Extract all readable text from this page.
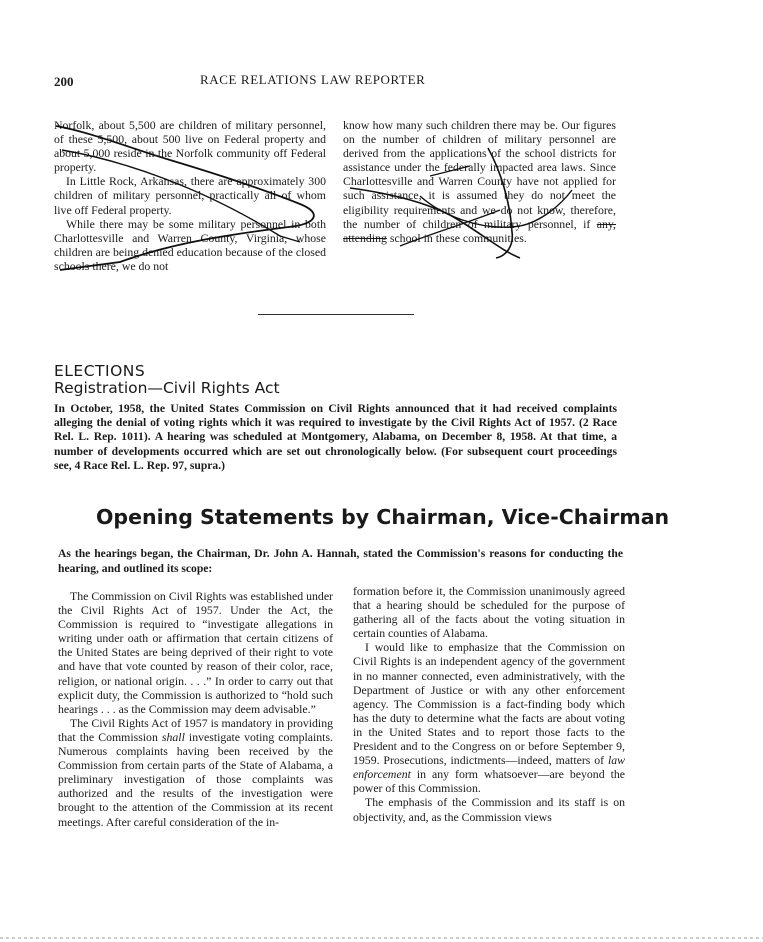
200	RACE RELATIONS LAW REPORTER

Norfolk, about 5,500 are children of military personnel, of these 5,500, about 500 live on Federal property and about 5,000 reside in the Norfolk community off Federal property.

In Little Rock, Arkansas, there are approximately 300 children of military personnel, practically all of whom live off Federal property.

While there may be some military personnel in both Charlottesville and Warren County, Virginia, whose children are being denied education because of the closed schools there, we do not

know how many such children there may be. Our figures on the number of children of military personnel are derived from the applications of the school districts for assistance under the federally impacted area laws. Since Charlottesville and Warren County have not applied for such assistance, it is assumed they do not meet the eligibility requirements and we do not know, therefore, the number of children of military personnel, if any, attending school in these communities.

ELECTIONS
Registration—Civil Rights Act
In October, 1958, the United States Commission on Civil Rights announced that it had received complaints alleging the denial of voting rights which it was required to investigate by the Civil Rights Act of 1957. (2 Race Rel. L. Rep. 1011). A hearing was scheduled at Montgomery, Alabama, on December 8, 1958. At that time, a number of developments occurred which are set out chronologically below. (For subsequent court proceedings see, 4 Race Rel. L. Rep. 97, supra.)
Opening Statements by Chairman, Vice-Chairman
As the hearings began, the Chairman, Dr. John A. Hannah, stated the Commission's reasons for conducting the hearing, and outlined its scope:

The Commission on Civil Rights was established under the Civil Rights Act of 1957. Under the Act, the Commission is required to “investigate allegations in writing under oath or affirmation that certain citizens of the United States are being deprived of their right to vote and have that vote counted by reason of their color, race, religion, or national origin. . . .” In order to carry out that explicit duty, the Commission is authorized to “hold such hearings . . . as the Commission may deem advisable.”

The Civil Rights Act of 1957 is mandatory in providing that the Commission shall investigate voting complaints. Numerous complaints having been received by the Commission from certain parts of the State of Alabama, a preliminary investigation of those complaints was authorized and the results of the investigation were brought to the attention of the Commission at its recent meetings. After careful consideration of the in-

formation before it, the Commission unanimously agreed that a hearing should be scheduled for the purpose of gathering all of the facts about the voting situation in certain counties of Alabama.

I would like to emphasize that the Commission on Civil Rights is an independent agency of the government in no manner connected, even administratively, with the Department of Justice or with any other enforcement agency. The Commission is a fact-finding body which has the duty to determine what the facts are about voting in the United States and to report those facts to the President and to the Congress on or before September 9, 1959. Prosecutions, indictments—indeed, matters of law enforcement in any form whatsoever—are beyond the power of this Commission.

The emphasis of the Commission and its staff is on objectivity, and, as the Commission views
